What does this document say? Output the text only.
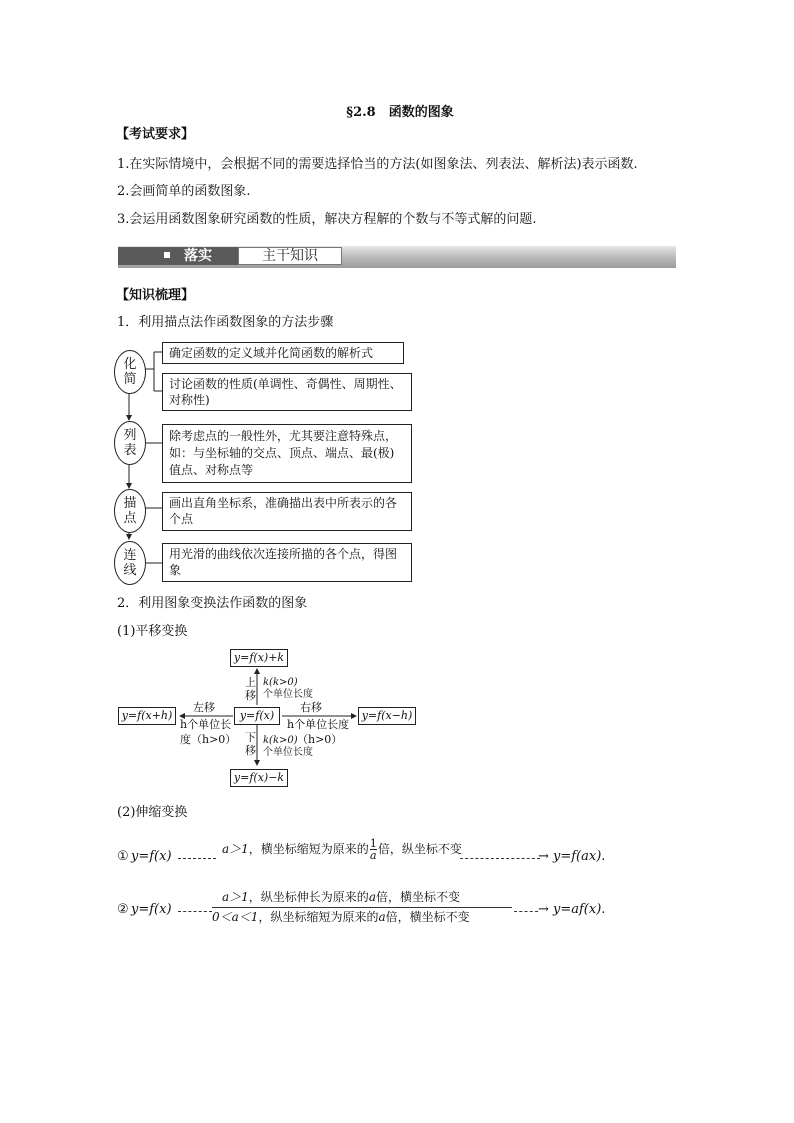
§2.8　函数的图象
【考试要求】
1.在实际情境中，会根据不同的需要选择恰当的方法(如图象法、列表法、解析法)表示函数.
2.会画简单的函数图象.
3.会运用函数图象研究函数的性质，解决方程解的个数与不等式解的问题.
落实	主干知识
【知识梳理】
1．利用描点法作函数图象的方法步骤
化简
列表
描点
连线
确定函数的定义域并化简函数的解析式
讨论函数的性质(单调性、奇偶性、周期性、对称性)
除考虑点的一般性外，尤其要注意特殊点，如：与坐标轴的交点、顶点、端点、最(极)值点、对称点等
画出直角坐标系，准确描出表中所表示的各个点
用光滑的曲线依次连接所描的各个点，得图象
2．利用图象变换法作函数的图象
(1)平移变换
y=f(x)+k
y=f(x)
y=f(x+h)	y=f(x−h)
y=f(x)−k
上移
k(k>0)
个单位长度
下移
k(k>0)
个单位长度
左移
h个单位长
度（h>0）
右移
h个单位长度
（h>0）
(2)伸缩变换
① y=f(x)	a＞1，横坐标缩短为原来的 $\frac{1}{a}$ 倍，纵坐标不变	→ y=f(ax).
② y=f(x)
a＞1，纵坐标伸长为原来的a倍，横坐标不变
0＜a＜1，纵坐标缩短为原来的a倍，横坐标不变	→ y=af(x).
